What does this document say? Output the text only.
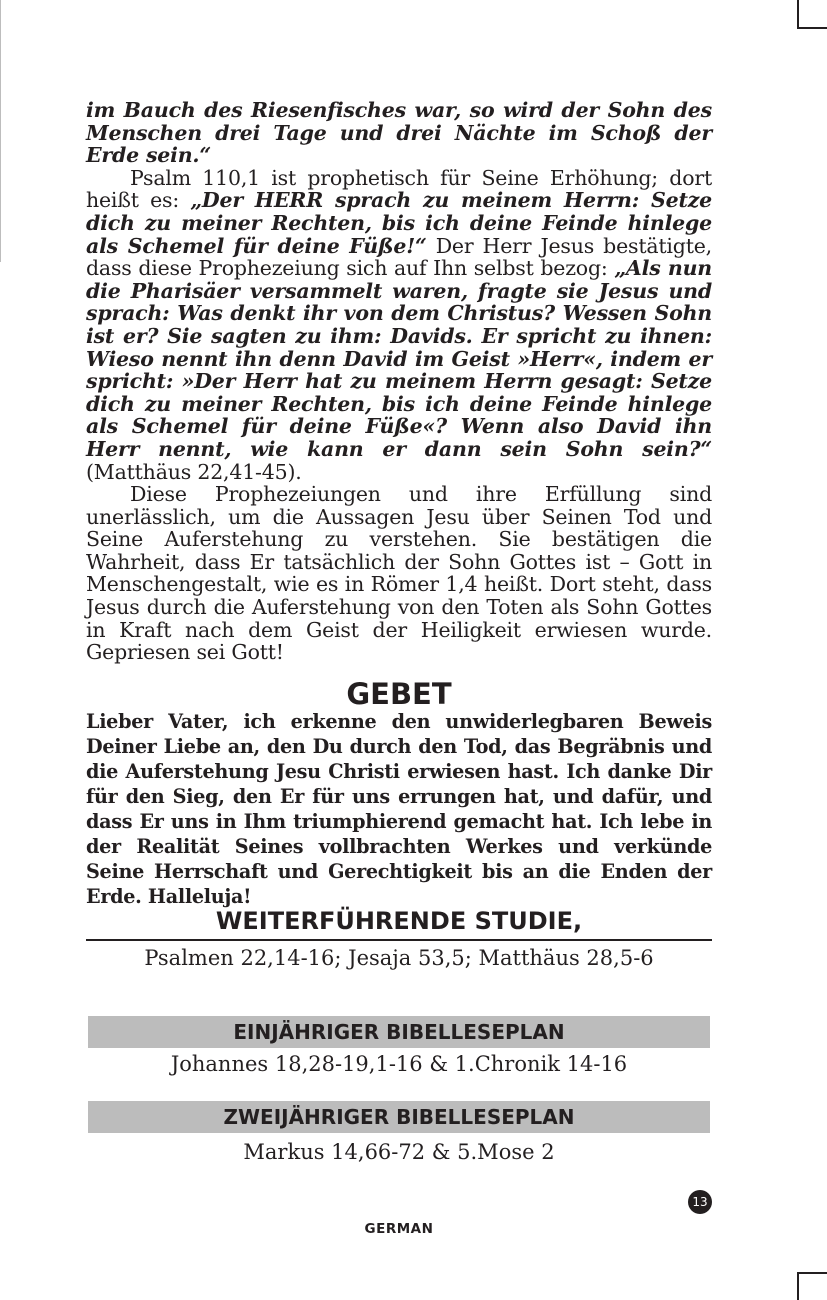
im Bauch des Riesenfisches war, so wird der Sohn des Menschen drei Tage und drei Nächte im Schoß der Erde sein.“

Psalm 110,1 ist prophetisch für Seine Erhöhung; dort heißt es: „Der HERR sprach zu meinem Herrn: Setze dich zu meiner Rechten, bis ich deine Feinde hinlege als Schemel für deine Füße!“ Der Herr Jesus bestätigte, dass diese Prophezeiung sich auf Ihn selbst bezog: „Als nun die Pharisäer versammelt waren, fragte sie Jesus und sprach: Was denkt ihr von dem Christus? Wessen Sohn ist er? Sie sagten zu ihm: Davids. Er spricht zu ihnen: Wieso nennt ihn denn David im Geist »Herr«, indem er spricht: »Der Herr hat zu meinem Herrn gesagt: Setze dich zu meiner Rechten, bis ich deine Feinde hinlege als Schemel für deine Füße«? Wenn also David ihn Herr nennt, wie kann er dann sein Sohn sein?“ (Matthäus 22,41-45).

Diese Prophezeiungen und ihre Erfüllung sind unerlässlich, um die Aussagen Jesu über Seinen Tod und Seine Auferstehung zu verstehen. Sie bestätigen die Wahrheit, dass Er tatsächlich der Sohn Gottes ist – Gott in Menschengestalt, wie es in Römer 1,4 heißt. Dort steht, dass Jesus durch die Auferstehung von den Toten als Sohn Gottes in Kraft nach dem Geist der Heiligkeit erwiesen wurde. Gepriesen sei Gott!

GEBET

Lieber Vater, ich erkenne den unwiderlegbaren Beweis Deiner Liebe an, den Du durch den Tod, das Begräbnis und die Auferstehung Jesu Christi erwiesen hast. Ich danke Dir für den Sieg, den Er für uns errungen hat, und dafür, und dass Er uns in Ihm triumphierend gemacht hat. Ich lebe in der Realität Seines vollbrachten Werkes und verkünde Seine Herrschaft und Gerechtigkeit bis an die Enden der Erde. Halleluja!

WEITERFÜHRENDE STUDIE,
Psalmen 22,14-16; Jesaja 53,5; Matthäus 28,5-6
EINJÄHRIGER BIBELLESEPLAN
Johannes 18,28-19,1-16 & 1.Chronik 14-16
ZWEIJÄHRIGER BIBELLESEPLAN
Markus 14,66-72 & 5.Mose 2
13
GERMAN
